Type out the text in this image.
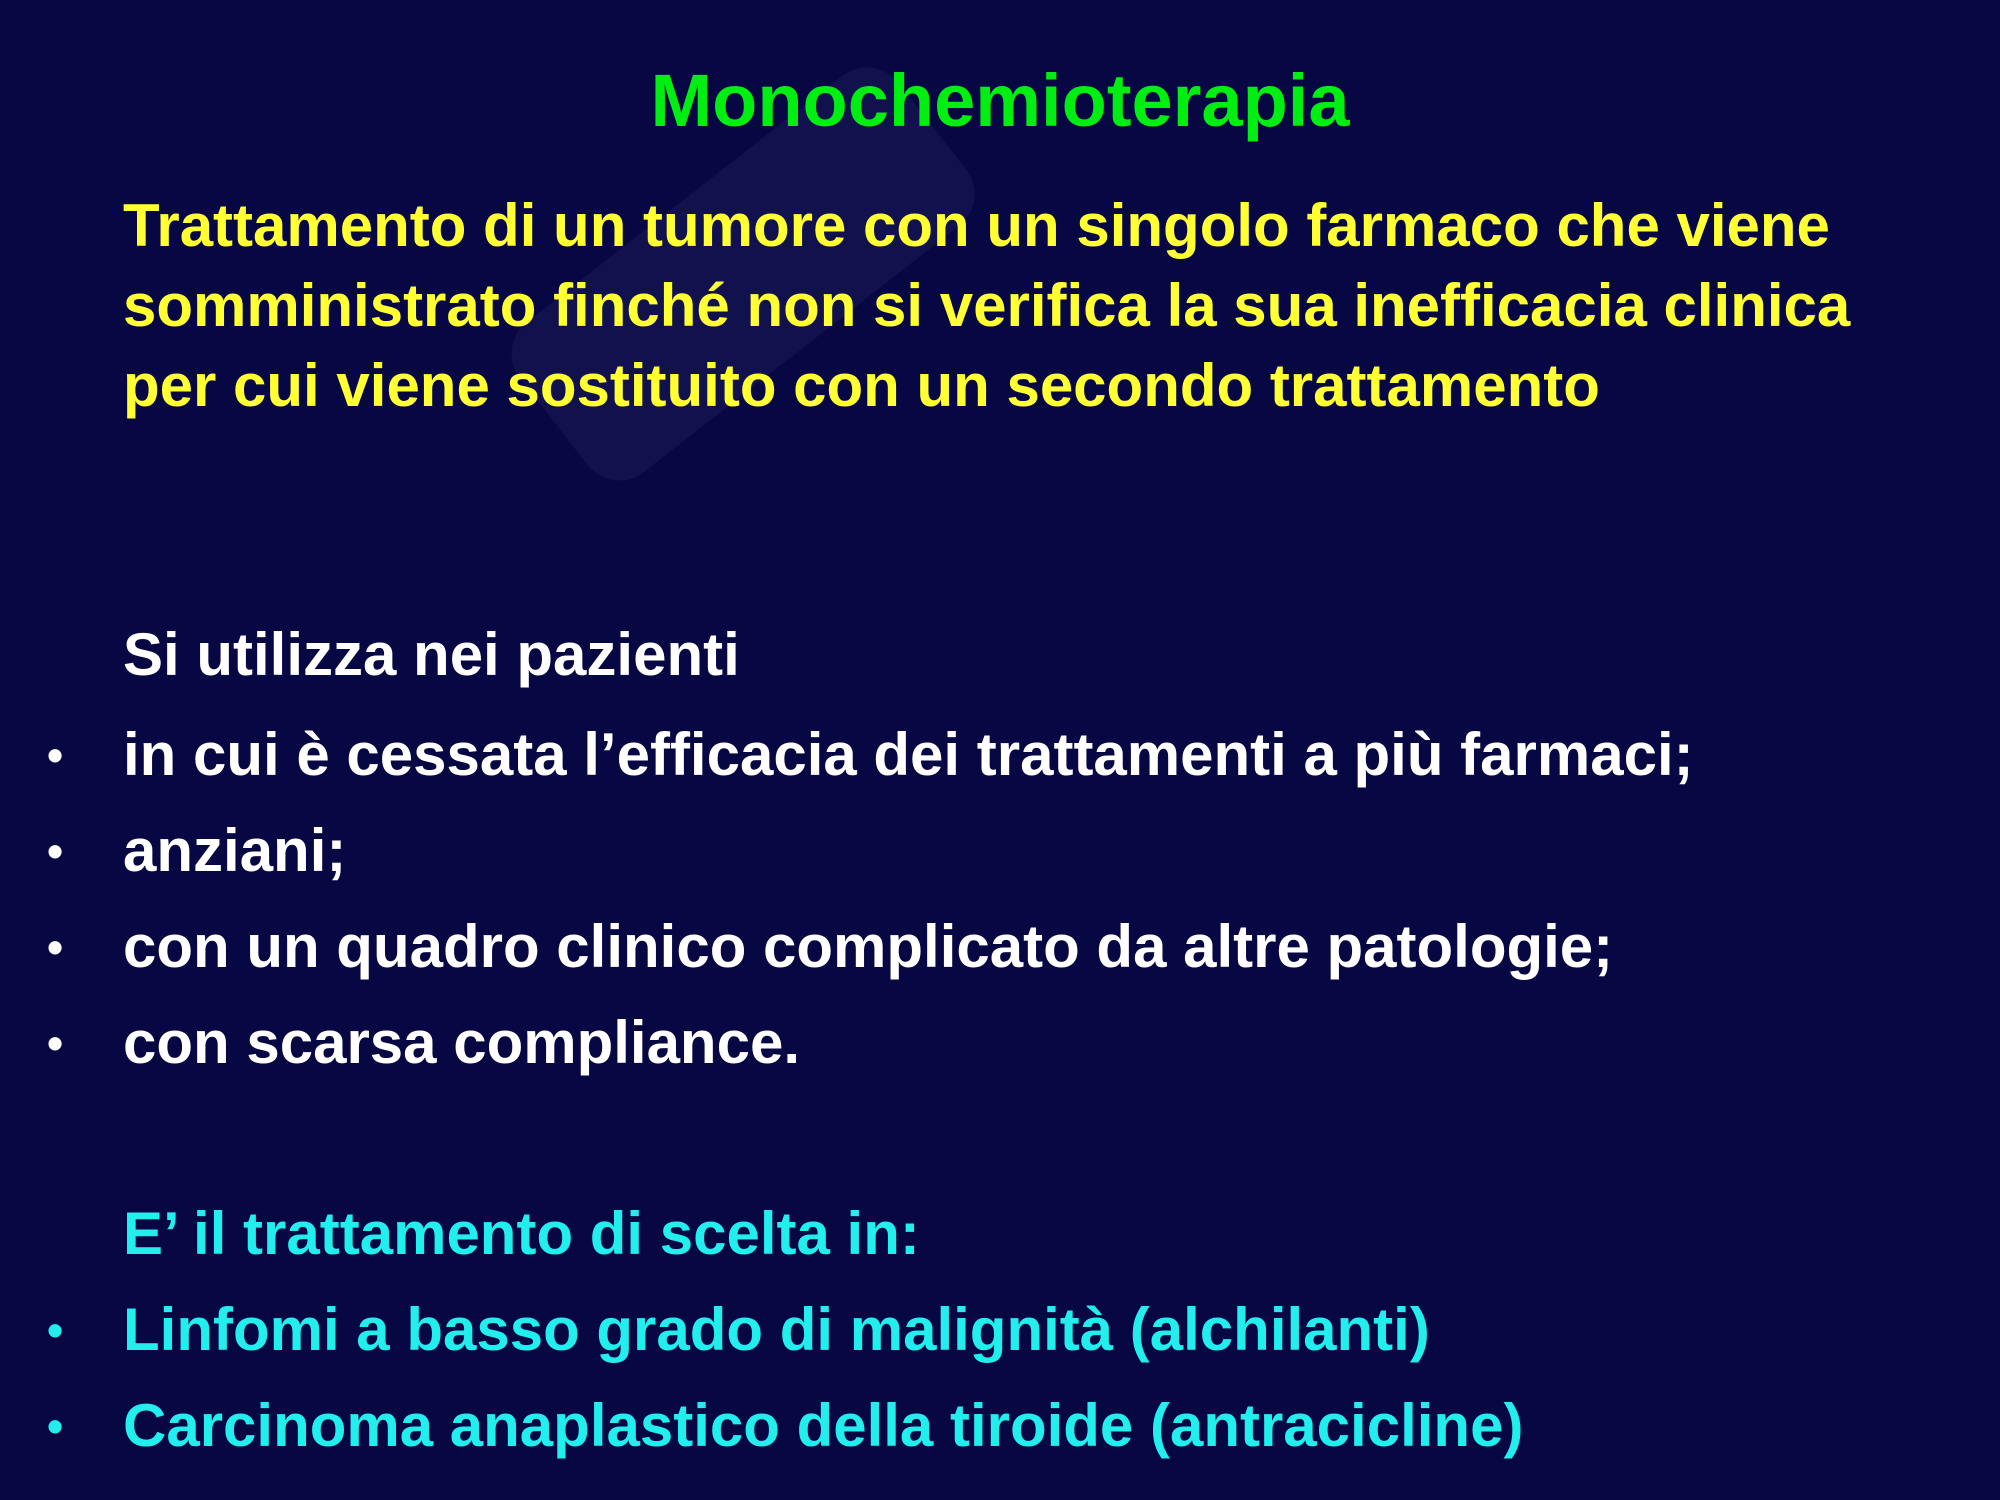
Monochemioterapia

Trattamento di un tumore con un singolo farmaco che viene somministrato finché non si verifica la sua inefficacia clinica per cui viene sostituito con un secondo trattamento

Si utilizza nei pazienti

• in cui è cessata l’efficacia dei trattamenti a più farmaci;
• anziani;
• con un quadro clinico complicato da altre patologie;
• con scarsa compliance.

E’ il trattamento di scelta in:

• Linfomi a basso grado di malignità (alchilanti)
• Carcinoma anaplastico della tiroide (antracicline)
